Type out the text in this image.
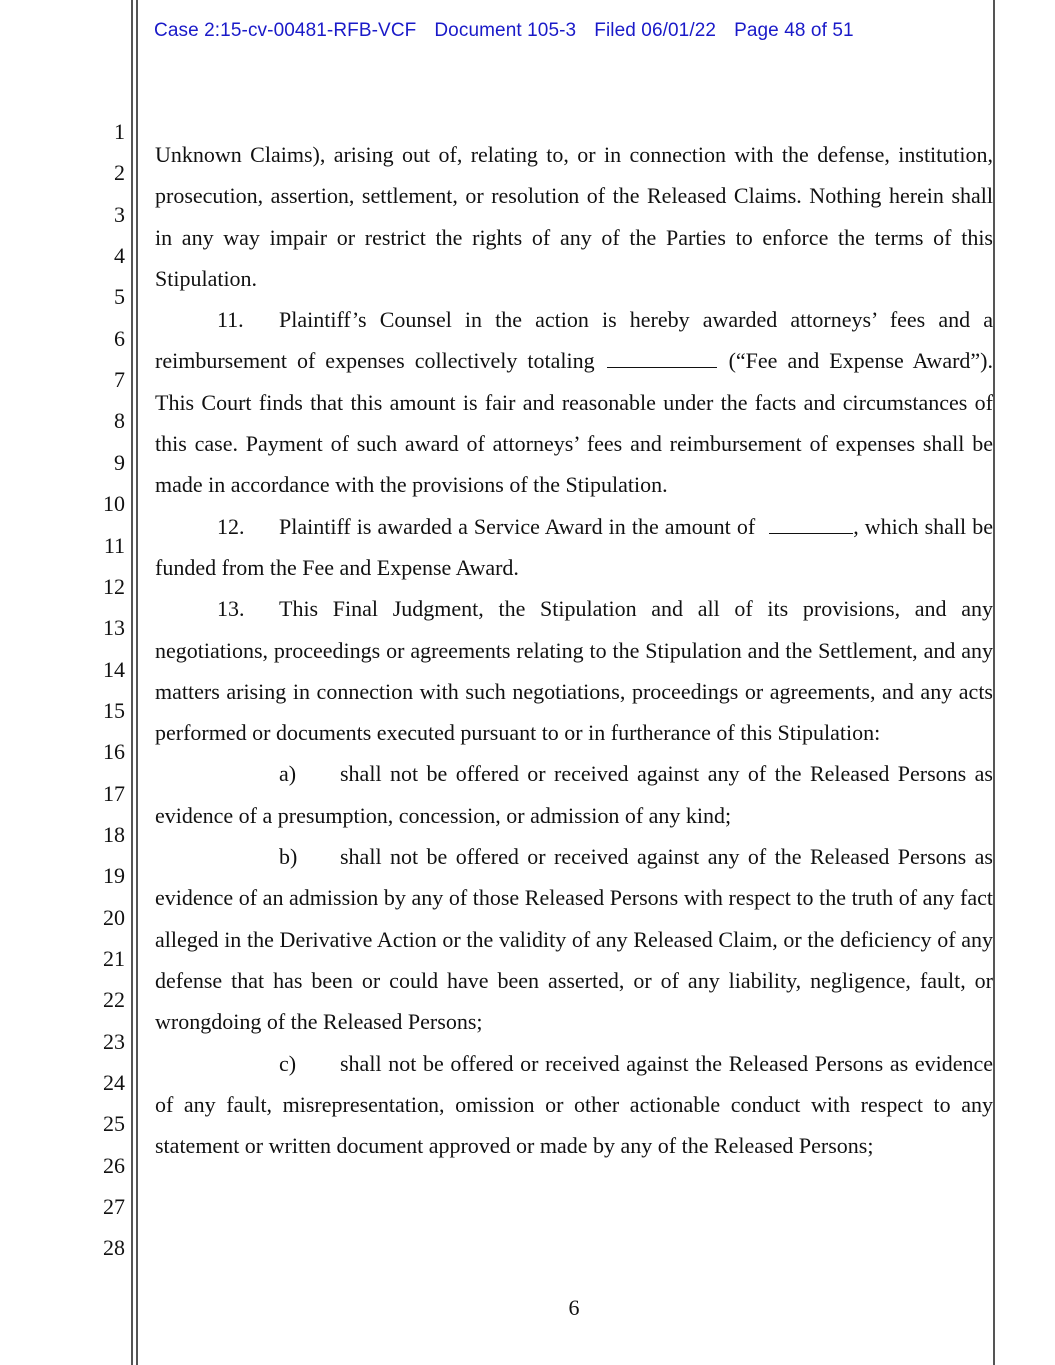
Case 2:15-cv-00481-RFB-VCF Document 105-3 Filed 06/01/22 Page 48 of 51
1
2
3
4
5
6
7
8
9
10
11
12
13
14
15
16
17
18
19
20
21
22
23
24
25
26
27
28

Unknown Claims), arising out of, relating to, or in connection with the defense, institution, prosecution, assertion, settlement, or resolution of the Released Claims. Nothing herein shall in any way impair or restrict the rights of any of the Parties to enforce the terms of this Stipulation.

11. Plaintiff’s Counsel in the action is hereby awarded attorneys’ fees and a reimbursement of expenses collectively totaling	(“Fee and Expense Award”). This Court finds that this amount is fair and reasonable under the facts and circumstances of this case. Payment of such award of attorneys’ fees and reimbursement of expenses shall be made in accordance with the provisions of the Stipulation.

12. Plaintiff is awarded a Service Award in the amount of	, which shall be funded from the Fee and Expense Award.

13. This Final Judgment, the Stipulation and all of its provisions, and any negotiations, proceedings or agreements relating to the Stipulation and the Settlement, and any matters arising in connection with such negotiations, proceedings or agreements, and any acts performed or documents executed pursuant to or in furtherance of this Stipulation:

a) shall not be offered or received against any of the Released Persons as evidence of a presumption, concession, or admission of any kind;

b) shall not be offered or received against any of the Released Persons as evidence of an admission by any of those Released Persons with respect to the truth of any fact alleged in the Derivative Action or the validity of any Released Claim, or the deficiency of any defense that has been or could have been asserted, or of any liability, negligence, fault, or wrongdoing of the Released Persons;

c) shall not be offered or received against the Released Persons as evidence of any fault, misrepresentation, omission or other actionable conduct with respect to any statement or written document approved or made by any of the Released Persons;

6
